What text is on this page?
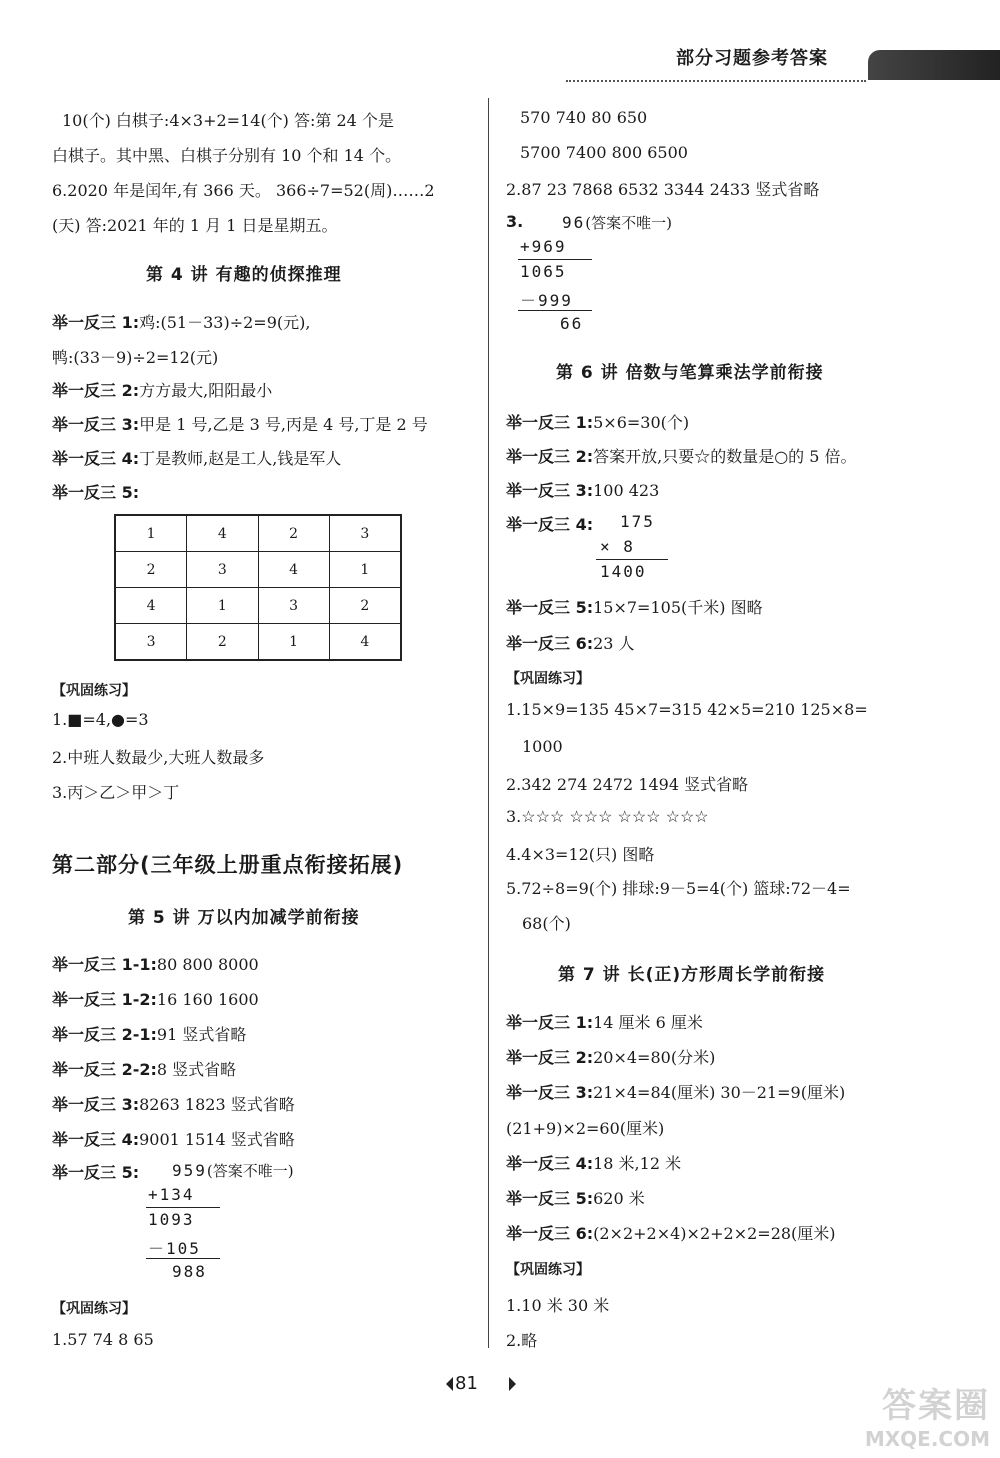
部分习题参考答案
10(个) 白棋子:4×3+2=14(个) 答:第 24 个是
白棋子。其中黑、白棋子分别有 10 个和 14 个。
6.2020 年是闰年,有 366 天。 366÷7=52(周)……2
(天) 答:2021 年的 1 月 1 日是星期五。
第 4 讲 有趣的侦探推理
举一反三 1:鸡:(51－33)÷2=9(元),
鸭:(33－9)÷2=12(元)
举一反三 2:方方最大,阳阳最小
举一反三 3:甲是 1 号,乙是 3 号,丙是 4 号,丁是 2 号
举一反三 4:丁是教师,赵是工人,钱是军人
举一反三 5:
1	4	2	3
2	3	4	1
4	1	3	2
3	2	1	4
【巩固练习】
1.■=4,●=3
2.中班人数最少,大班人数最多
3.丙＞乙＞甲＞丁
第二部分(三年级上册重点衔接拓展)
第 5 讲 万以内加减学前衔接
举一反三 1-1:80 800 8000
举一反三 1-2:16 160 1600
举一反三 2-1:91 竖式省略
举一反三 2-2:8 竖式省略
举一反三 3:8263 1823 竖式省略
举一反三 4:9001 1514 竖式省略
举一反三 5: 959(答案不唯一)
+134
1093
－105
988
【巩固练习】
1.57 74 8 65
570 740 80 650
5700 7400 800 6500
2.87 23 7868 6532 3344 2433 竖式省略
3. 96(答案不唯一)
+969
1065
－999
66
第 6 讲 倍数与笔算乘法学前衔接
举一反三 1:5×6=30(个)
举一反三 2:答案开放,只要☆的数量是○的 5 倍。
举一反三 3:100 423
举一反三 4: 175
× 8
1400
举一反三 5:15×7=105(千米) 图略
举一反三 6:23 人
【巩固练习】
1.15×9=135 45×7=315 42×5=210 125×8=
1000
2.342 274 2472 1494 竖式省略
3.☆☆☆ ☆☆☆ ☆☆☆ ☆☆☆
4.4×3=12(只) 图略
5.72÷8=9(个) 排球:9－5=4(个) 篮球:72－4=
68(个)
第 7 讲 长(正)方形周长学前衔接
举一反三 1:14 厘米 6 厘米
举一反三 2:20×4=80(分米)
举一反三 3:21×4=84(厘米) 30－21=9(厘米)
(21+9)×2=60(厘米)
举一反三 4:18 米,12 米
举一反三 5:620 米
举一反三 6:(2×2+2×4)×2+2×2=28(厘米)
【巩固练习】
1.10 米 30 米
2.略
81
答案圈
MXQE.COM
